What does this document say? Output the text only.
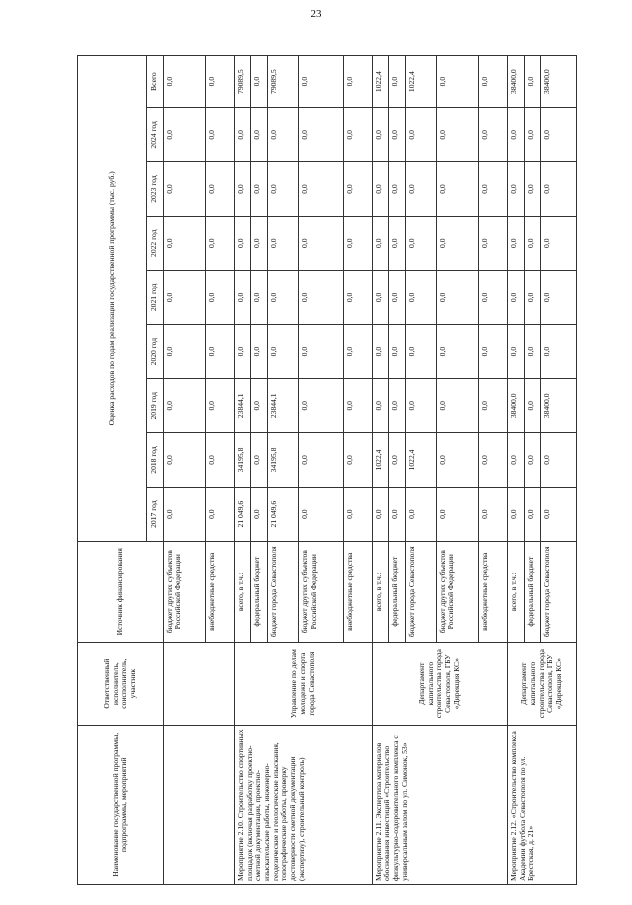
23
Наименование государственной программы, подпрограммы, мероприятий	Ответственный исполнитель, соисполнитель, участник	Источник финансирования	Оценка расходов по годам реализации государственной программы (тыс. руб.)								
			2017 год	2018 год	2019 год	2020 год	2021 год	2022 год	2023 год	2024 год	Всего
		бюджет других субъектов Российской Федерации	0,0	0,0	0,0	0,0	0,0	0,0	0,0	0,0	0,0
		внебюджетные средства	0,0	0,0	0,0	0,0	0,0	0,0	0,0	0,0	0,0
Мероприятие 2.10. Строительство спортивных площадок (включая разработку проектно-сметной документации, проектно-изыскательские работы, инженерно-геодезические и геологические изыскания, топографические работы, проверку достоверности сметной документации (экспертизу), строительный контроль)	Управление по делам молодежи и спорта города Севастополя	всего, в т.ч.:	21 049,6	34195,8	23844,1	0,0	0,0	0,0	0,0	0,0	79089,5
		федеральный бюджет	0,0	0,0	0,0	0,0	0,0	0,0	0,0	0,0	0,0
		бюджет города Севастополя	21 049,6	34195,8	23844,1	0,0	0,0	0,0	0,0	0,0	79089,5
		бюджет других субъектов Российской Федерации	0,0	0,0	0,0	0,0	0,0	0,0	0,0	0,0	0,0
		внебюджетные средства	0,0	0,0	0,0	0,0	0,0	0,0	0,0	0,0	0,0
Мероприятие 2.11. Экспертиза материалов обоснования инвестиций «Строительство физкультурно-оздоровительного комплекса с универсальным залом по ул. Симонок, 53»	Департамент капитального строительства города Севастополя, ГБУ «Дирекция КС»	всего, в т.ч.:	0,0	1022,4	0,0	0,0	0,0	0,0	0,0	0,0	1022,4
		федеральный бюджет	0,0	0,0	0,0	0,0	0,0	0,0	0,0	0,0	0,0
		бюджет города Севастополя	0,0	1022,4	0,0	0,0	0,0	0,0	0,0	0,0	1022,4
		бюджет других субъектов Российской Федерации	0,0	0,0	0,0	0,0	0,0	0,0	0,0	0,0	0,0
		внебюджетные средства	0,0	0,0	0,0	0,0	0,0	0,0	0,0	0,0	0,0
Мероприятие 2.12. «Строительство комплекса Академии футбола Севастополя по ул. Брестская, д. 21»	Департамент капитального строительства города Севастополя, ГБУ «Дирекция КС»	всего, в т.ч.:	0,0	0,0	38400,0	0,0	0,0	0,0	0,0	0,0	38400,0
		федеральный бюджет	0,0	0,0	0,0	0,0	0,0	0,0	0,0	0,0	0,0
		бюджет города Севастополя	0,0	0,0	38400,0	0,0	0,0	0,0	0,0	0,0	38400,0
